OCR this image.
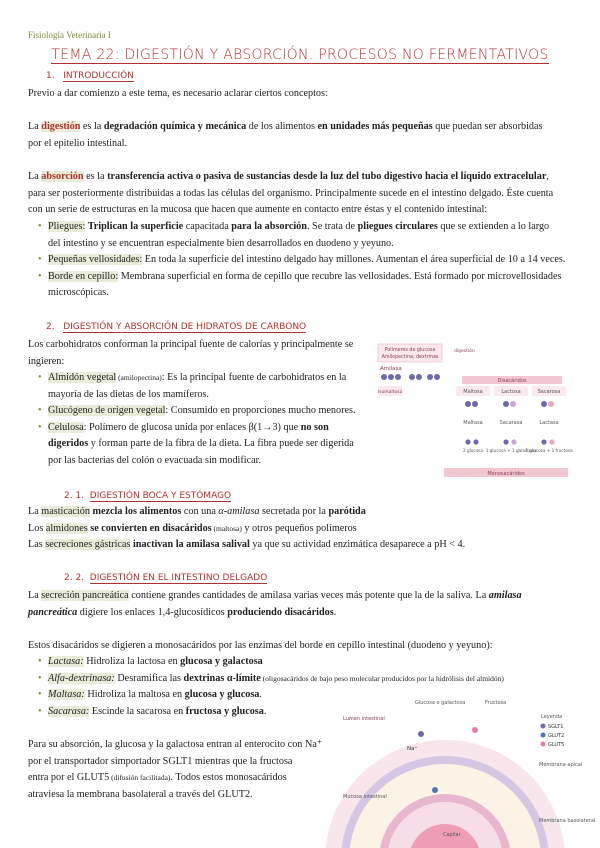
Fisiología Veterinaria I
TEMA 22: DIGESTIÓN Y ABSORCIÓN. PROCESOS NO FERMENTATIVOS
1. INTRODUCCIÓN
Previo a dar comienzo a este tema, es necesario aclarar ciertos conceptos:
La digestión es la degradación química y mecánica de los alimentos en unidades más pequeñas que puedan ser absorbidas
por el epitelio intestinal.
La absorción es la transferencia activa o pasiva de sustancias desde la luz del tubo digestivo hacia el líquido extracelular,
para ser posteriormente distribuidas a todas las células del organismo. Principalmente sucede en el intestino delgado. Éste cuenta
con un serie de estructuras en la mucosa que hacen que aumente en contacto entre éstas y el contenido intestinal:
• Pliegues: Triplican la superficie capacitada para la absorción. Se trata de pliegues circulares que se extienden a lo largo
del intestino y se encuentran especialmente bien desarrollados en duodeno y yeyuno.
• Pequeñas vellosidades: En toda la superficie del intestino delgado hay millones. Aumentan el área superficial de 10 a 14 veces.
• Borde en cepillo: Membrana superficial en forma de cepillo que recubre las vellosidades. Está formado por microvellosidades
microscópicas.
2. DIGESTIÓN Y ABSORCIÓN DE HIDRATOS DE CARBONO
Los carbohidratos conforman la principal fuente de calorías y principalmente se
ingieren:
• Almidón vegetal (amilopectina): Es la principal fuente de carbohidratos en la
mayoría de las dietas de los mamíferos.
• Glucógeno de origen vegetal: Consumido en proporciones mucho menores.
• Celulosa: Polímero de glucosa unida por enlaces β(1→3) que no son
digeridos y forman parte de la fibra de la dieta. La fibra puede ser digerida
por las bacterias del colón o evacuada sin modificar.
Polímeros de glucosa
Amilopectina, dextrinas
digestión
Amilasa
Disacáridos
Isomaltosa	Maltosa	Lactosa	Sacarosa
Maltasa	Sacarasa	Lactasa
2 glucosa 1 glucosa + 1 galactosa
1 glucosa + 1 fructosa
Monosacáridos
2. 1. DIGESTIÓN BOCA Y ESTÓMAGO
La masticación mezcla los alimentos con una α-amilasa secretada por la parótida
Los almidones se convierten en disacáridos (maltosa) y otros pequeños polímeros
Las secreciones gástricas inactivan la amilasa salival ya que su actividad enzimática desaparece a pH < 4.
2. 2. DIGESTIÓN EN EL INTESTINO DELGADO
La secreción pancreática contiene grandes cantidades de amilasa varias veces más potente que la de la saliva. La amilasa
pancreática digiere los enlaces 1,4-glucosídicos produciendo disacáridos.
Estos disacáridos se digieren a monosacáridos por las enzimas del borde en cepillo intestinal (duodeno y yeyuno):
• Lactasa: Hidroliza la lactosa en glucosa y galactosa
• Alfa-dextrinasa: Desramifica las dextrinas α-límite (oligosacáridos de bajo peso molecular producidos por la hidrólisis del almidón)
• Maltasa: Hidroliza la maltosa en glucosa y glucosa.
• Sacarasa: Escinde la sacarosa en fructosa y glucosa.
Para su absorción, la glucosa y la galactosa entran al enterocito con Na⁺
por el transportador simportador SGLT1 mientras que la fructosa
entra por el GLUT5 (difusión facilitada). Todos estos monosacáridos
atraviesa la membrana basolateral a través del GLUT2.
Lumen intestinal
Glucosa o galactosa	Fructosa
Na⁺
Mucosa intestinal
Capilar
Leyenda
SGLT1
GLUT2
GLUT5
Membrana apical
Membrana basolateral
